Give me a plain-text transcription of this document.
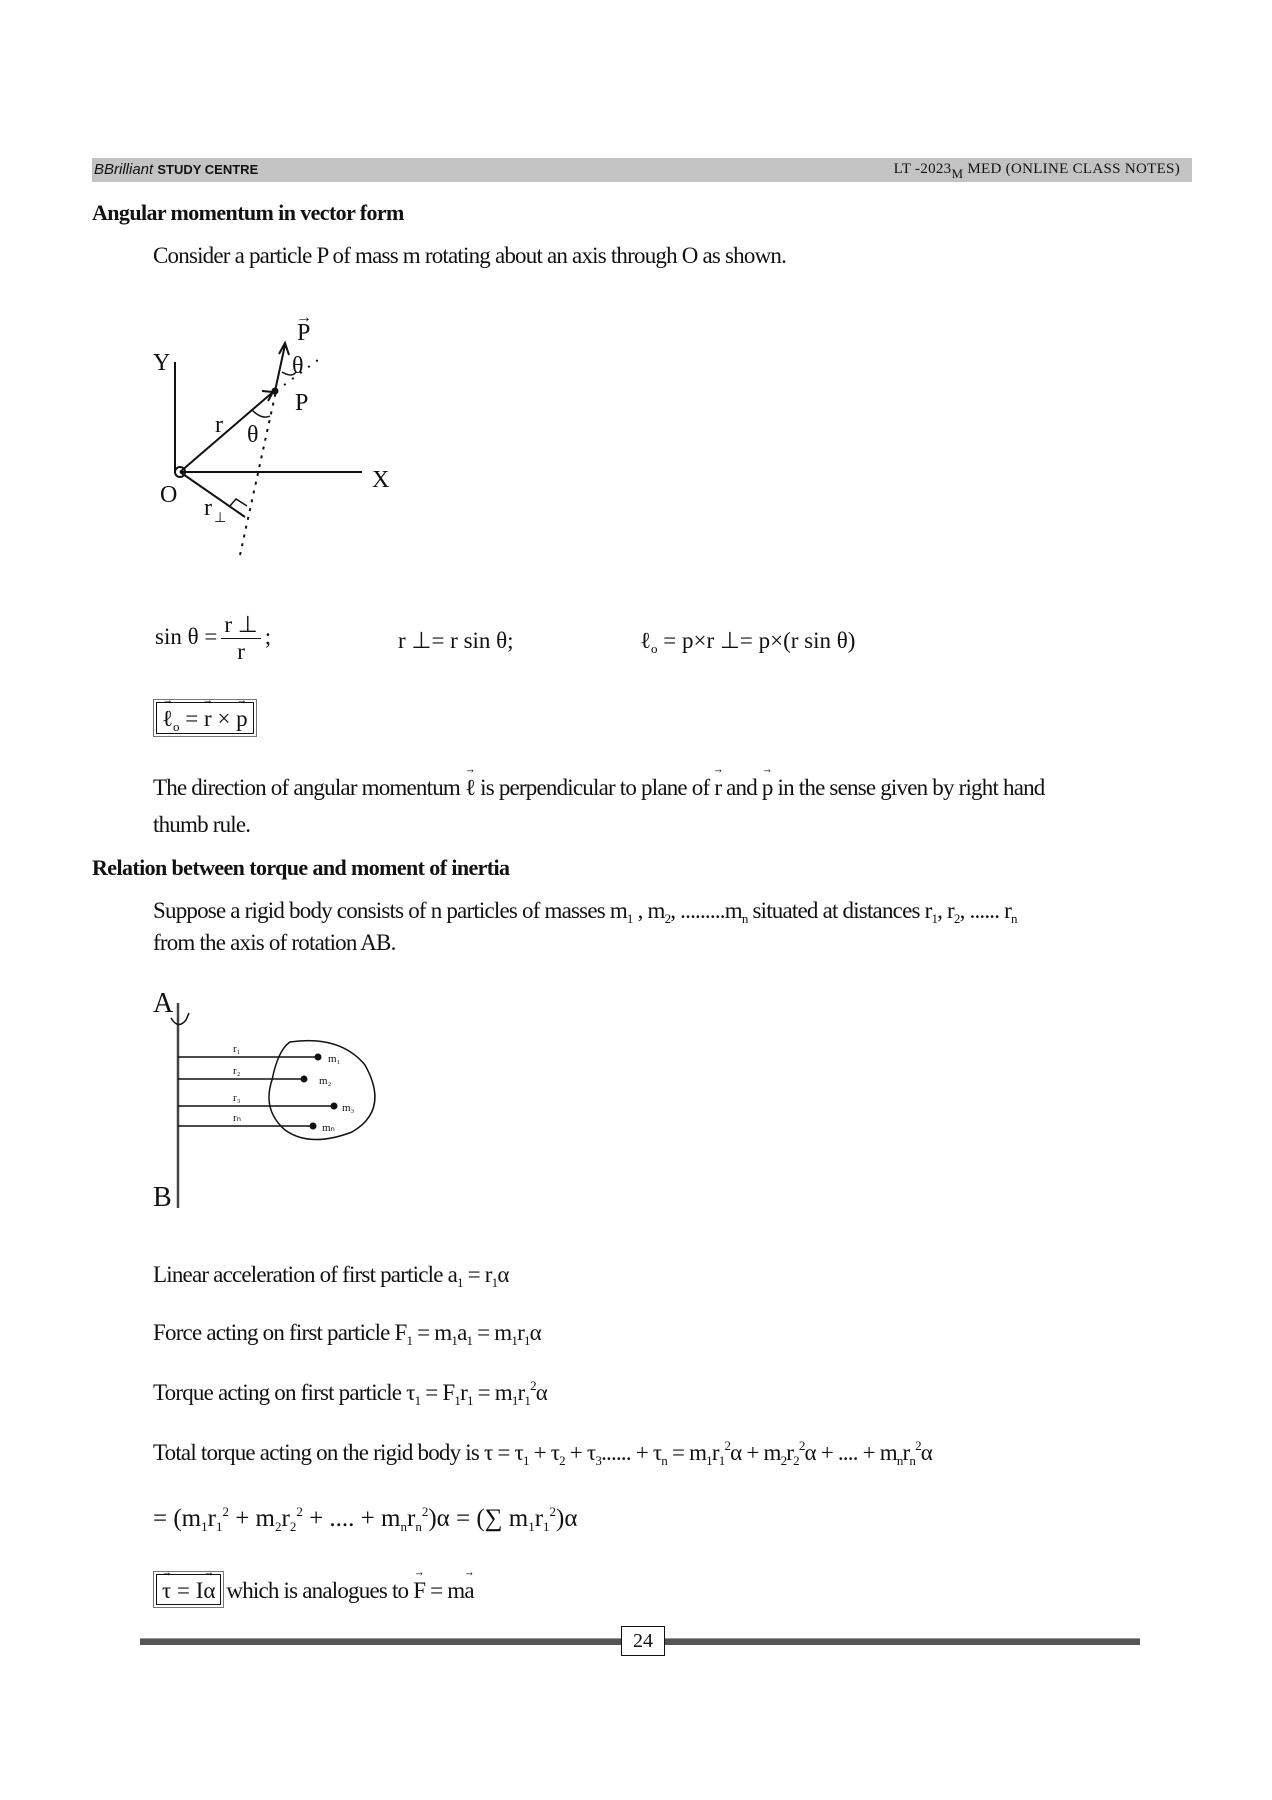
BBrilliant STUDY CENTRE	LT $-2023_M$ MED (ONLINE CLASS NOTES)
Angular momentum in vector form
Consider a particle P of mass m rotating about an axis through O as shown.
Y
X
O
P
→
P
r θ
θ
r ⊥
$\sin \theta = \frac{r \perp}{r}$ ;	r ⊥= r sin θ;	ℓ$_o$ = p×r ⊥= p×(r sin θ)
→ ℓ$_o$ = → r × → p
The direction of angular momentum → ℓ is perpendicular to plane of → r and → p in the sense given by right hand
thumb rule.
Relation between torque and moment of inertia
Suppose a rigid body consists of n particles of masses $m_1$ , $m_2$, $.........m_n$ situated at distances $r_1$, $r_2$, ...... $r_n$
from the axis of rotation AB.
r₁
r₂
r₃
rₙ
m₁
m₂
m₃
mₙ
A
B
Linear acceleration of first particle $a_1 = r_1\alpha$
Force acting on first particle $F_1 = m_1a_1 = m_1r_1\alpha$
Torque acting on first particle $\tau_1 = F_1r_1 = m_1r_1^2\alpha$
Total torque acting on the rigid body is $\tau = \tau_1 + \tau_2 + \tau_3$...... + $\tau_n = m_1r_1^2\alpha + m_2r_2^2\alpha$ + .... + $m_nr_n^2\alpha$
= ($m_1r_1^2 + m_2r_2^2$ + .... + $m_nr_n^2)\alpha$ = (∑ $m_1r_1^2)\alpha$
→ τ = I→ α which is analogues to → F = m→ a
24
